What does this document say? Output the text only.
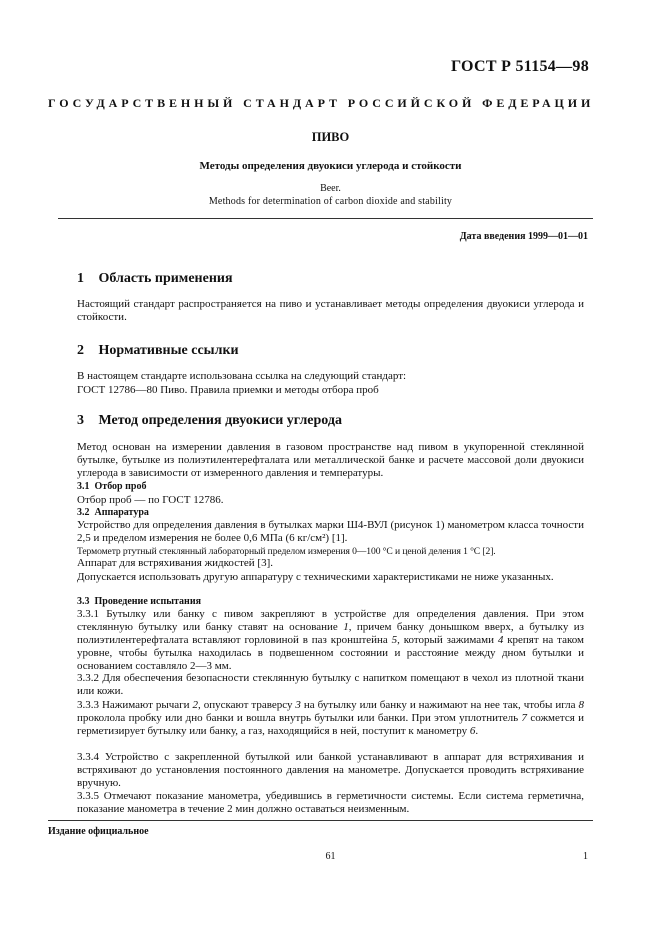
ГОСТ Р 51154—98
ГОСУДАРСТВЕННЫЙ СТАНДАРТ РОССИЙСКОЙ ФЕДЕРАЦИИ
ПИВО
Методы определения двуокиси углерода и стойкости
Beer.
Methods for determination of carbon dioxide and stability
Дата введения 1999—01—01
1 Область применения

Настоящий стандарт распространяется на пиво и устанавливает методы определения двуокиси углерода и стойкости.

2 Нормативные ссылки

В настоящем стандарте использована ссылка на следующий стандарт:

ГОСТ 12786—80 Пиво. Правила приемки и методы отбора проб

3 Метод определения двуокиси углерода

Метод основан на измерении давления в газовом пространстве над пивом в укупоренной стеклянной бутылке, бутылке из полиэтилентерефталата или металлической банке и расчете массовой доли двуокиси углерода в зависимости от измеренного давления и температуры.

3.1 Отбор проб

Отбор проб — по ГОСТ 12786.

3.2 Аппаратура

Устройство для определения давления в бутылках марки Ш4-ВУЛ (рисунок 1) манометром класса точности 2,5 и пределом измерения не более 0,6 МПа (6 кг/см²) [1].

Термометр ртутный стеклянный лабораторный пределом измерения 0—100 °С и ценой деления 1 °С [2].

Аппарат для встряхивания жидкостей [3].

Допускается использовать другую аппаратуру с техническими характеристиками не ниже указанных.

3.3 Проведение испытания

3.3.1 Бутылку или банку с пивом закрепляют в устройстве для определения давления. При этом стеклянную бутылку или банку ставят на основание 1, причем банку донышком вверх, а бутылку из полиэтилентерефталата вставляют горловиной в паз кронштейна 5, который зажимами 4 крепят на таком уровне, чтобы бутылка находилась в подвешенном состоянии и расстояние между дном бутылки и основанием составляло 2—3 мм.

3.3.2 Для обеспечения безопасности стеклянную бутылку с напитком помещают в чехол из плотной ткани или кожи.

3.3.3 Нажимают рычаги 2, опускают траверсу 3 на бутылку или банку и нажимают на нее так, чтобы игла 8 проколола пробку или дно банки и вошла внутрь бутылки или банки. При этом уплотнитель 7 сожмется и герметизирует бутылку или банку, а газ, находящийся в ней, поступит к манометру 6.

3.3.4 Устройство с закрепленной бутылкой или банкой устанавливают в аппарат для встряхивания и встряхивают до установления постоянного давления на манометре. Допускается проводить встряхивание вручную.

3.3.5 Отмечают показание манометра, убедившись в герметичности системы. Если система герметична, показание манометра в течение 2 мин должно оставаться неизменным.

Издание официальное
61	1
